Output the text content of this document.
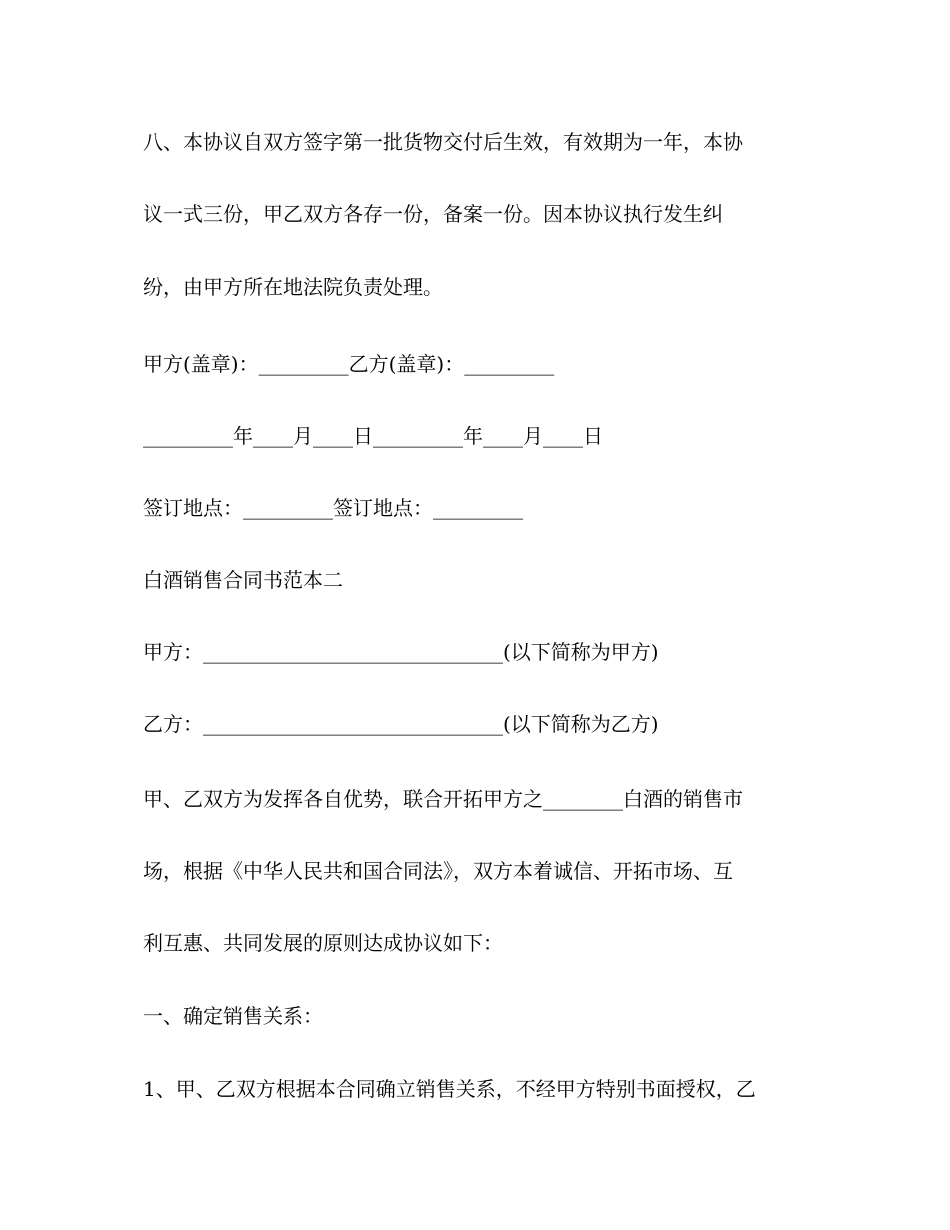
八、本协议自双方签字第一批货物交付后生效，有效期为一年，本协

议一式三份，甲乙双方各存一份，备案一份。因本协议执行发生纠

纷，由甲方所在地法院负责处理。

甲方(盖章)：_________乙方(盖章)：_________

_________年____月____日_________年____月____日

签订地点：_________签订地点：_________

白酒销售合同书范本二

甲方：______________________________(以下简称为甲方)

乙方：______________________________(以下简称为乙方)

甲、乙双方为发挥各自优势，联合开拓甲方之________白酒的销售市

场，根据《中华人民共和国合同法》，双方本着诚信、开拓市场、互

利互惠、共同发展的原则达成协议如下：

一、确定销售关系：

1、甲、乙双方根据本合同确立销售关系，不经甲方特别书面授权，乙
